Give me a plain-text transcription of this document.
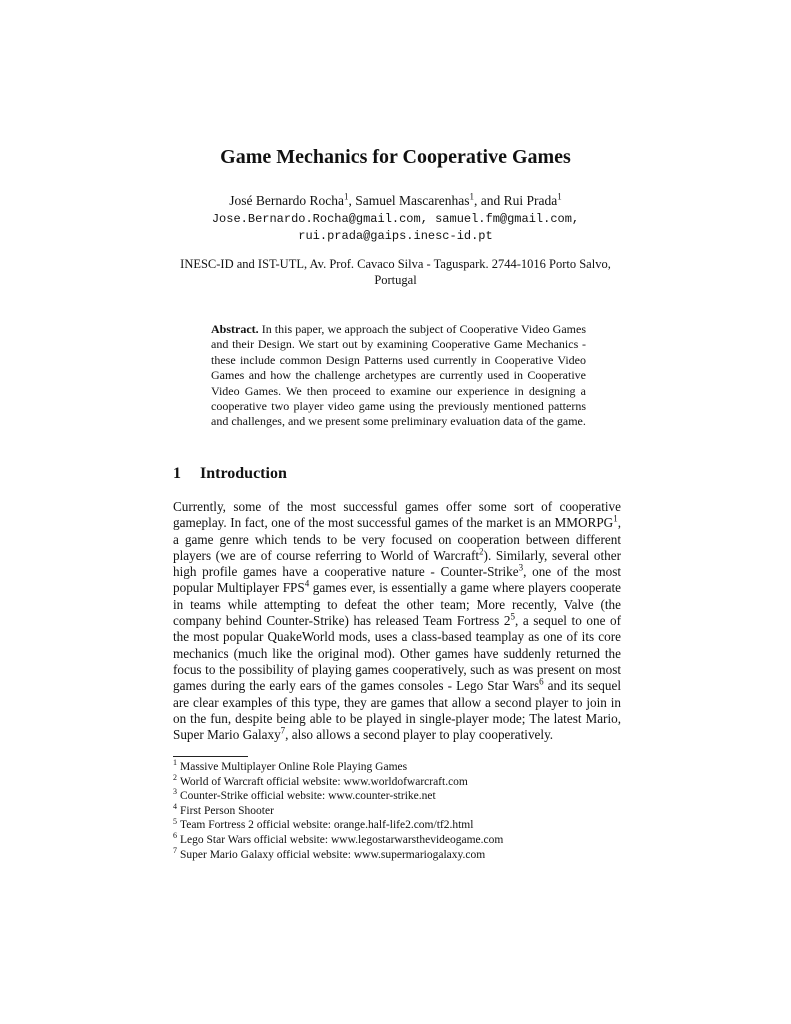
Game Mechanics for Cooperative Games
José Bernardo Rocha$^1$, Samuel Mascarenhas$^1$, and Rui Prada$^1$
Jose.Bernardo.Rocha@gmail.com, samuel.fm@gmail.com,
rui.prada@gaips.inesc-id.pt
INESC-ID and IST-UTL, Av. Prof. Cavaco Silva - Taguspark. 2744-1016 Porto Salvo, Portugal
Abstract. In this paper, we approach the subject of Cooperative Video Games and their Design. We start out by examining Cooperative Game Mechanics - these include common Design Patterns used currently in Cooperative Video Games and how the challenge archetypes are currently used in Cooperative Video Games. We then proceed to examine our experience in designing a cooperative two player video game using the previously mentioned patterns and challenges, and we present some preliminary evaluation data of the game.
1 Introduction
Currently, some of the most successful games offer some sort of cooperative gameplay. In fact, one of the most successful games of the market is an MMORPG$^1$, a game genre which tends to be very focused on cooperation between different players (we are of course referring to World of Warcraft$^2$). Similarly, several other high profile games have a cooperative nature - Counter-Strike$^3$, one of the most popular Multiplayer FPS$^4$ games ever, is essentially a game where players cooperate in teams while attempting to defeat the other team; More recently, Valve (the company behind Counter-Strike) has released Team Fortress $2^5$, a sequel to one of the most popular QuakeWorld mods, uses a class-based teamplay as one of its core mechanics (much like the original mod). Other games have suddenly returned the focus to the possibility of playing games cooperatively, such as was present on most games during the early ears of the games consoles - Lego Star Wars$^6$ and its sequel are clear examples of this type, they are games that allow a second player to join in on the fun, despite being able to be played in single-player mode; The latest Mario, Super Mario Galaxy$^7$, also allows a second player to play cooperatively.
$^1$ Massive Multiplayer Online Role Playing Games
$^2$ World of Warcraft official website: www.worldofwarcraft.com
$^3$ Counter-Strike official website: www.counter-strike.net
$^4$ First Person Shooter
$^5$ Team Fortress 2 official website: orange.half-life2.com/tf2.html
$^6$ Lego Star Wars official website: www.legostarwarsthevideogame.com
$^7$ Super Mario Galaxy official website: www.supermariogalaxy.com
